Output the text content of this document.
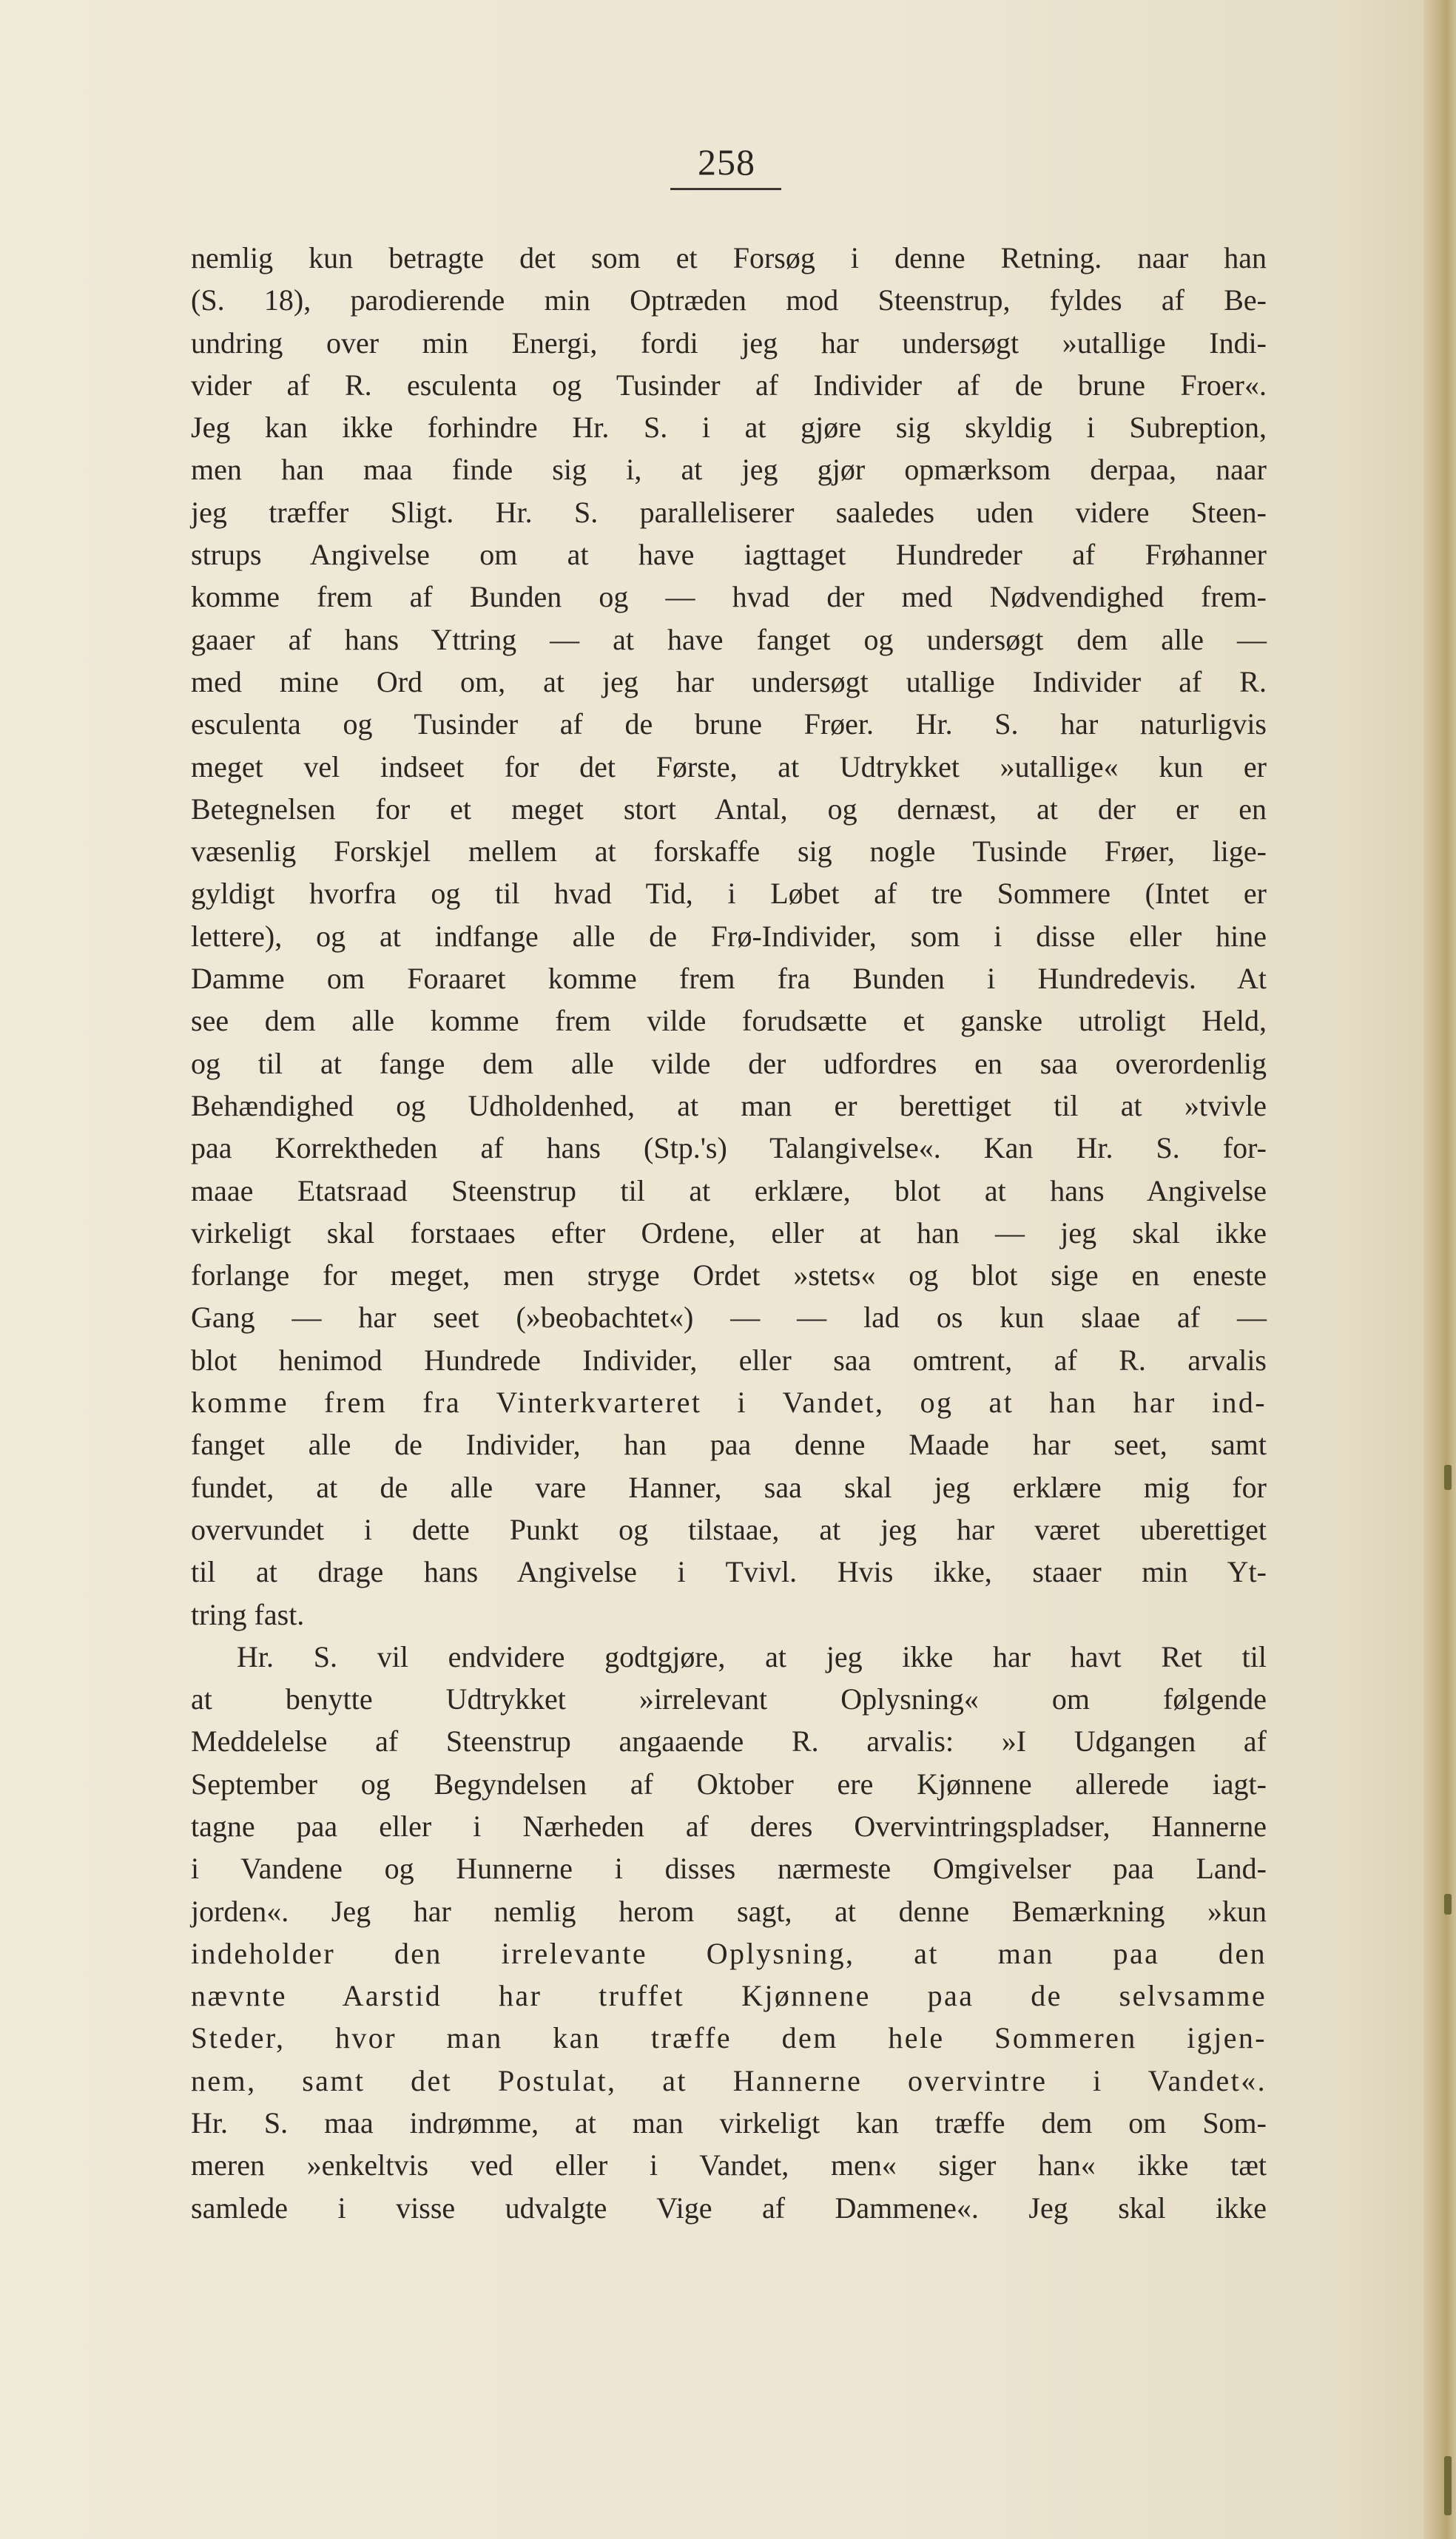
258
nemlig kun betragte det som et Forsøg i denne Retning. naar han
(S. 18), parodierende min Optræden mod Steenstrup, fyldes af Be-
undring over min Energi, fordi jeg har undersøgt »utallige Indi-
vider af R. esculenta og Tusinder af Individer af de brune Froer«.
Jeg kan ikke forhindre Hr. S. i at gjøre sig skyldig i Subreption,
men han maa finde sig i, at jeg gjør opmærksom derpaa, naar
jeg træffer Sligt. Hr. S. paralleliserer saaledes uden videre Steen-
strups Angivelse om at have iagttaget Hundreder af Frøhanner
komme frem af Bunden og — hvad der med Nødvendighed frem-
gaaer af hans Yttring — at have fanget og undersøgt dem alle —
med mine Ord om, at jeg har undersøgt utallige Individer af R.
esculenta og Tusinder af de brune Frøer. Hr. S. har naturligvis
meget vel indseet for det Første, at Udtrykket »utallige« kun er
Betegnelsen for et meget stort Antal, og dernæst, at der er en
væsenlig Forskjel mellem at forskaffe sig nogle Tusinde Frøer, lige-
gyldigt hvorfra og til hvad Tid, i Løbet af tre Sommere (Intet er
lettere), og at indfange alle de Frø-Individer, som i disse eller hine
Damme om Foraaret komme frem fra Bunden i Hundredevis. At
see dem alle komme frem vilde forudsætte et ganske utroligt Held,
og til at fange dem alle vilde der udfordres en saa overordenlig
Behændighed og Udholdenhed, at man er berettiget til at »tvivle
paa Korrektheden af hans (Stp.'s) Talangivelse«. Kan Hr. S. for-
maae Etatsraad Steenstrup til at erklære, blot at hans Angivelse
virkeligt skal forstaaes efter Ordene, eller at han — jeg skal ikke
forlange for meget, men stryge Ordet »stets« og blot sige en eneste
Gang — har seet (»beobachtet«) — — lad os kun slaae af —
blot henimod Hundrede Individer, eller saa omtrent, af R. arvalis
komme frem fra Vinterkvarteret i Vandet, og at han har ind-
fanget alle de Individer, han paa denne Maade har seet, samt
fundet, at de alle vare Hanner, saa skal jeg erklære mig for
overvundet i dette Punkt og tilstaae, at jeg har været uberettiget
til at drage hans Angivelse i Tvivl. Hvis ikke, staaer min Yt-
tring fast.
Hr. S. vil endvidere godtgjøre, at jeg ikke har havt Ret til
at benytte Udtrykket »irrelevant Oplysning« om følgende
Meddelelse af Steenstrup angaaende R. arvalis: »I Udgangen af
September og Begyndelsen af Oktober ere Kjønnene allerede iagt-
tagne paa eller i Nærheden af deres Overvintringspladser, Hannerne
i Vandene og Hunnerne i disses nærmeste Omgivelser paa Land-
jorden«. Jeg har nemlig herom sagt, at denne Bemærkning »kun
indeholder den irrelevante Oplysning, at man paa den
nævnte Aarstid har truffet Kjønnene paa de selvsamme
Steder, hvor man kan træffe dem hele Sommeren igjen-
nem, samt det Postulat, at Hannerne overvintre i Vandet«.
Hr. S. maa indrømme, at man virkeligt kan træffe dem om Som-
meren »enkeltvis ved eller i Vandet, men« siger han« ikke tæt
samlede i visse udvalgte Vige af Dammene«. Jeg skal ikke
